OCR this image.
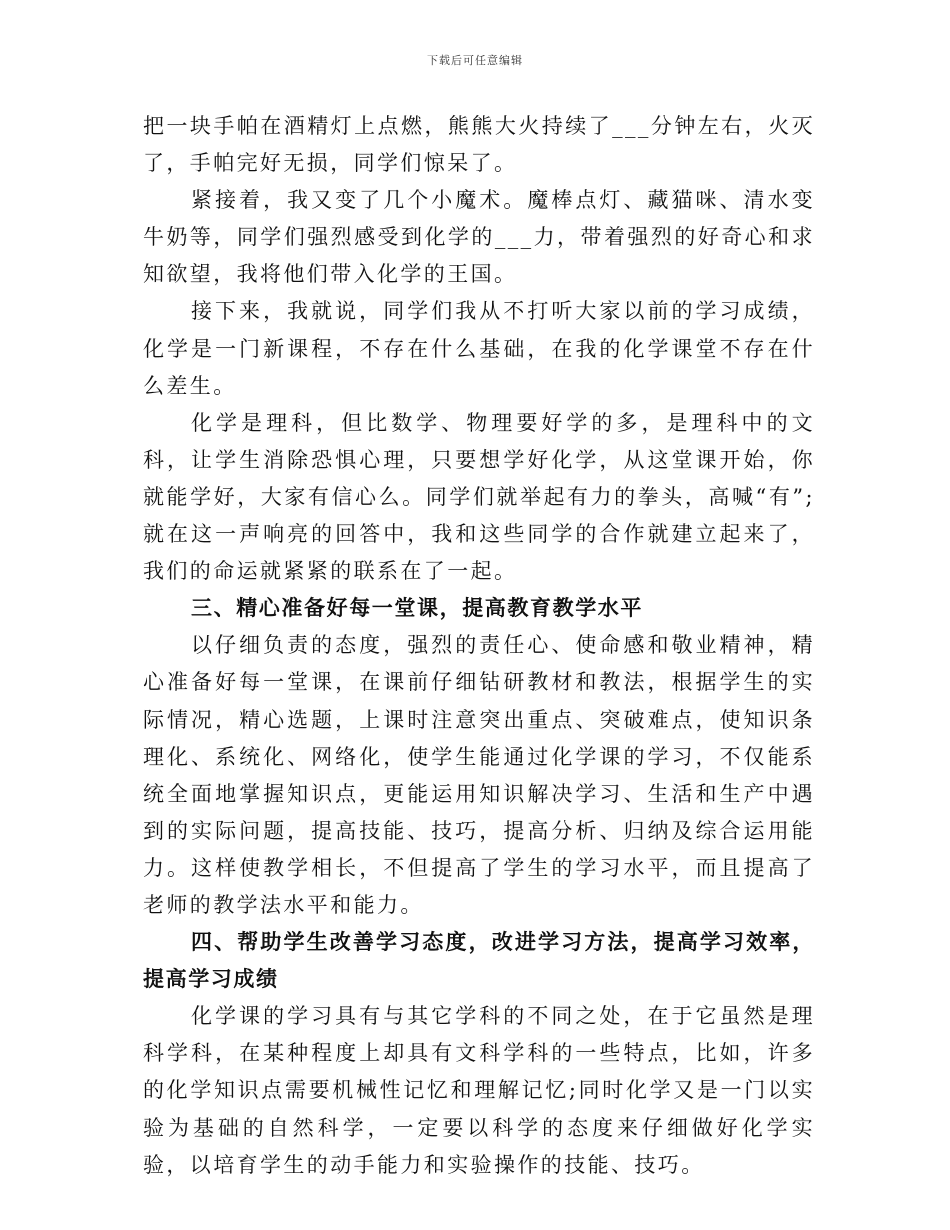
下载后可任意编辑

把一块手帕在酒精灯上点燃，熊熊大火持续了___分钟左右，火灭了，手帕完好无损，同学们惊呆了。

紧接着，我又变了几个小魔术。魔棒点灯、藏猫咪、清水变牛奶等，同学们强烈感受到化学的___力，带着强烈的好奇心和求知欲望，我将他们带入化学的王国。

接下来，我就说，同学们我从不打听大家以前的学习成绩，化学是一门新课程，不存在什么基础，在我的化学课堂不存在什么差生。

化学是理科，但比数学、物理要好学的多，是理科中的文科，让学生消除恐惧心理，只要想学好化学，从这堂课开始，你就能学好，大家有信心么。同学们就举起有力的拳头，高喊“有”;就在这一声响亮的回答中，我和这些同学的合作就建立起来了，我们的命运就紧紧的联系在了一起。

三、精心准备好每一堂课，提高教育教学水平

以仔细负责的态度，强烈的责任心、使命感和敬业精神，精心准备好每一堂课，在课前仔细钻研教材和教法，根据学生的实际情况，精心选题，上课时注意突出重点、突破难点，使知识条理化、系统化、网络化，使学生能通过化学课的学习，不仅能系统全面地掌握知识点，更能运用知识解决学习、生活和生产中遇到的实际问题，提高技能、技巧，提高分析、归纳及综合运用能力。这样使教学相长，不但提高了学生的学习水平，而且提高了老师的教学法水平和能力。

四、帮助学生改善学习态度，改进学习方法，提高学习效率，提高学习成绩

化学课的学习具有与其它学科的不同之处，在于它虽然是理科学科，在某种程度上却具有文科学科的一些特点，比如，许多的化学知识点需要机械性记忆和理解记忆;同时化学又是一门以实验为基础的自然科学，一定要以科学的态度来仔细做好化学实验，以培育学生的动手能力和实验操作的技能、技巧。
